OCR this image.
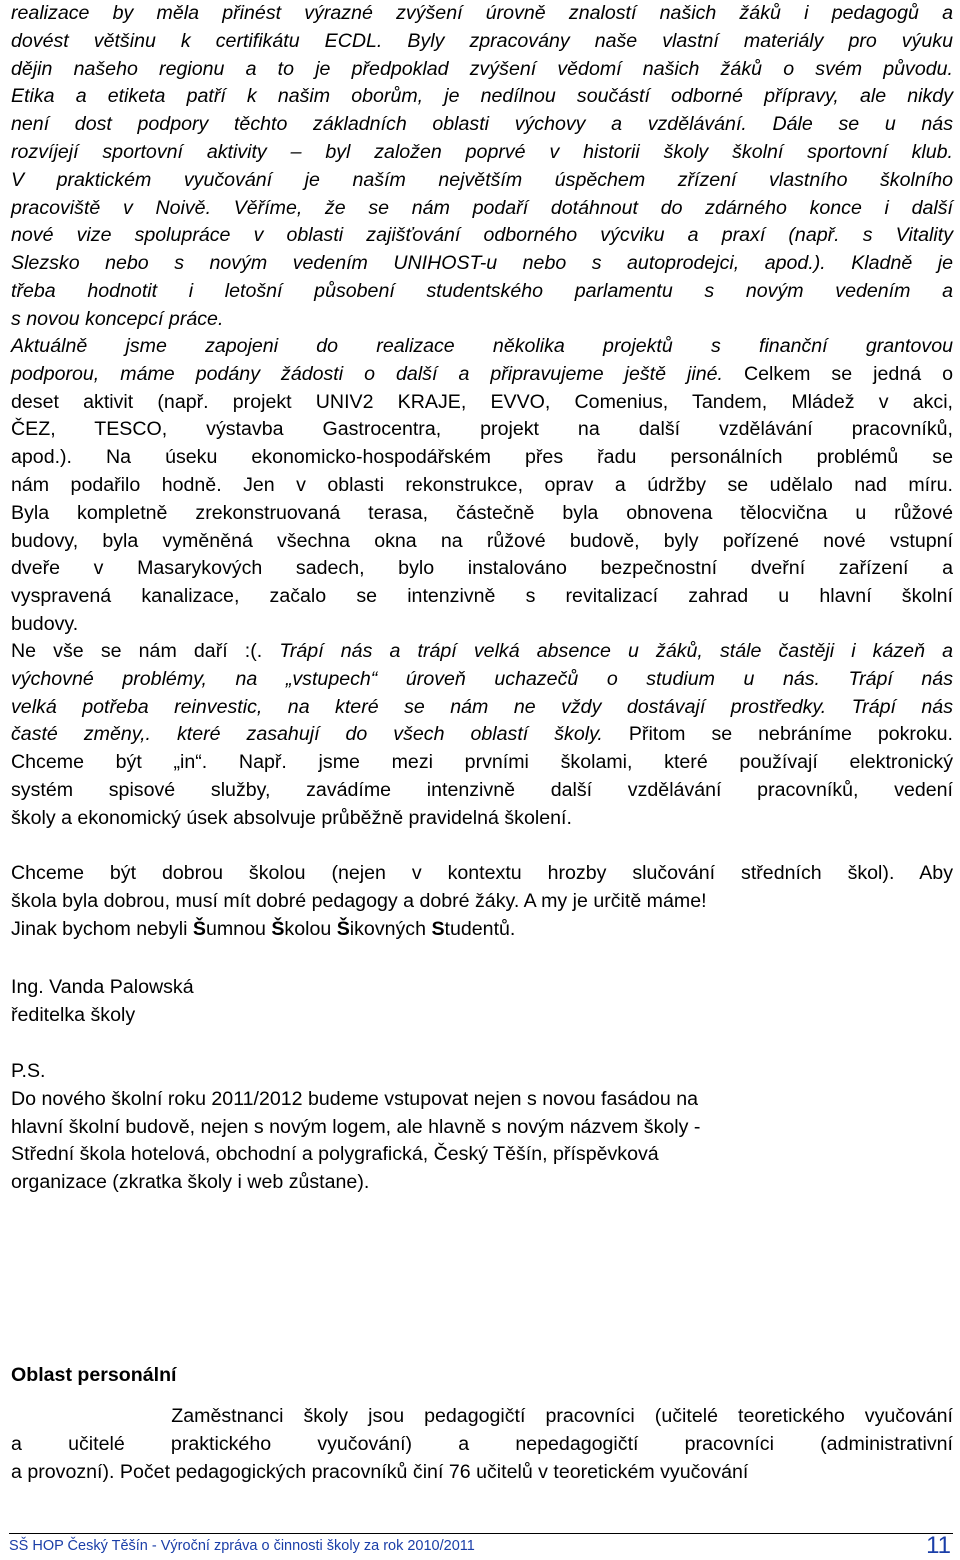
realizace by měla přinést výrazné zvýšení úrovně znalostí našich žáků i pedagogů a
dovést většinu k certifikátu ECDL. Byly zpracovány naše vlastní materiály pro výuku
dějin našeho regionu a to je předpoklad zvýšení vědomí našich žáků o svém původu.
Etika a etiketa patří k našim oborům, je nedílnou součástí odborné přípravy, ale nikdy
není dost podpory těchto základních oblasti výchovy a vzdělávání. Dále se u nás
rozvíjejí sportovní aktivity – byl založen poprvé v historii školy školní sportovní klub.
V praktickém vyučování je naším největším úspěchem zřízení vlastního školního
pracoviště v Noivě. Věříme, že se nám podaří dotáhnout do zdárného konce i další
nové vize spolupráce v oblasti zajišťování odborného výcviku a praxí (např. s Vitality
Slezsko nebo s novým vedením UNIHOST-u nebo s autoprodejci, apod.). Kladně je
třeba hodnotit i letošní působení studentského parlamentu s novým vedením a
s novou koncepcí práce.
Aktuálně jsme zapojeni do realizace několika projektů s finanční grantovou
podporou, máme podány žádosti o další a připravujeme ještě jiné. Celkem se jedná o
deset aktivit (např. projekt UNIV2 KRAJE, EVVO, Comenius, Tandem, Mládež v akci,
ČEZ, TESCO, výstavba Gastrocentra, projekt na další vzdělávání pracovníků,
apod.). Na úseku ekonomicko-hospodářském přes řadu personálních problémů se
nám podařilo hodně. Jen v oblasti rekonstrukce, oprav a údržby se udělalo nad míru.
Byla kompletně zrekonstruovaná terasa, částečně byla obnovena tělocvična u růžové
budovy, byla vyměněná všechna okna na růžové budově, byly pořízené nové vstupní
dveře v Masarykových sadech, bylo instalováno bezpečnostní dveřní zařízení a
vyspravená kanalizace, začalo se intenzivně s revitalizací zahrad u hlavní školní
budovy.
Ne vše se nám daří :(. Trápí nás a trápí velká absence u žáků, stále častěji i kázeň a
výchovné problémy, na „vstupech“ úroveň uchazečů o studium u nás. Trápí nás
velká potřeba reinvestic, na které se nám ne vždy dostávají prostředky. Trápí nás
časté změny,. které zasahují do všech oblastí školy. Přitom se nebráníme pokroku.
Chceme být „in“. Např. jsme mezi prvními školami, které používají elektronický
systém spisové služby, zavádíme intenzivně další vzdělávání pracovníků, vedení
školy a ekonomický úsek absolvuje průběžně pravidelná školení.
Chceme být dobrou školou (nejen v kontextu hrozby slučování středních škol). Aby
škola byla dobrou, musí mít dobré pedagogy a dobré žáky. A my je určitě máme!
Jinak bychom nebyli Šumnou Školou Šikovných Studentů.
Ing. Vanda Palowská
ředitelka školy
P.S.
Do nového školní roku 2011/2012 budeme vstupovat nejen s novou fasádou na
hlavní školní budově, nejen s novým logem, ale hlavně s novým názvem školy -
Střední škola hotelová, obchodní a polygrafická, Český Těšín, příspěvková
organizace (zkratka školy i web zůstane).
Oblast personální
Zaměstnanci školy jsou pedagogičtí pracovníci (učitelé teoretického vyučování
a učitelé praktického vyučování) a nepedagogičtí pracovníci (administrativní
a provozní). Počet pedagogických pracovníků činí 76 učitelů v teoretickém vyučování
SŠ HOP Český Těšín - Výroční zpráva o činnosti školy za rok 2010/2011	11
